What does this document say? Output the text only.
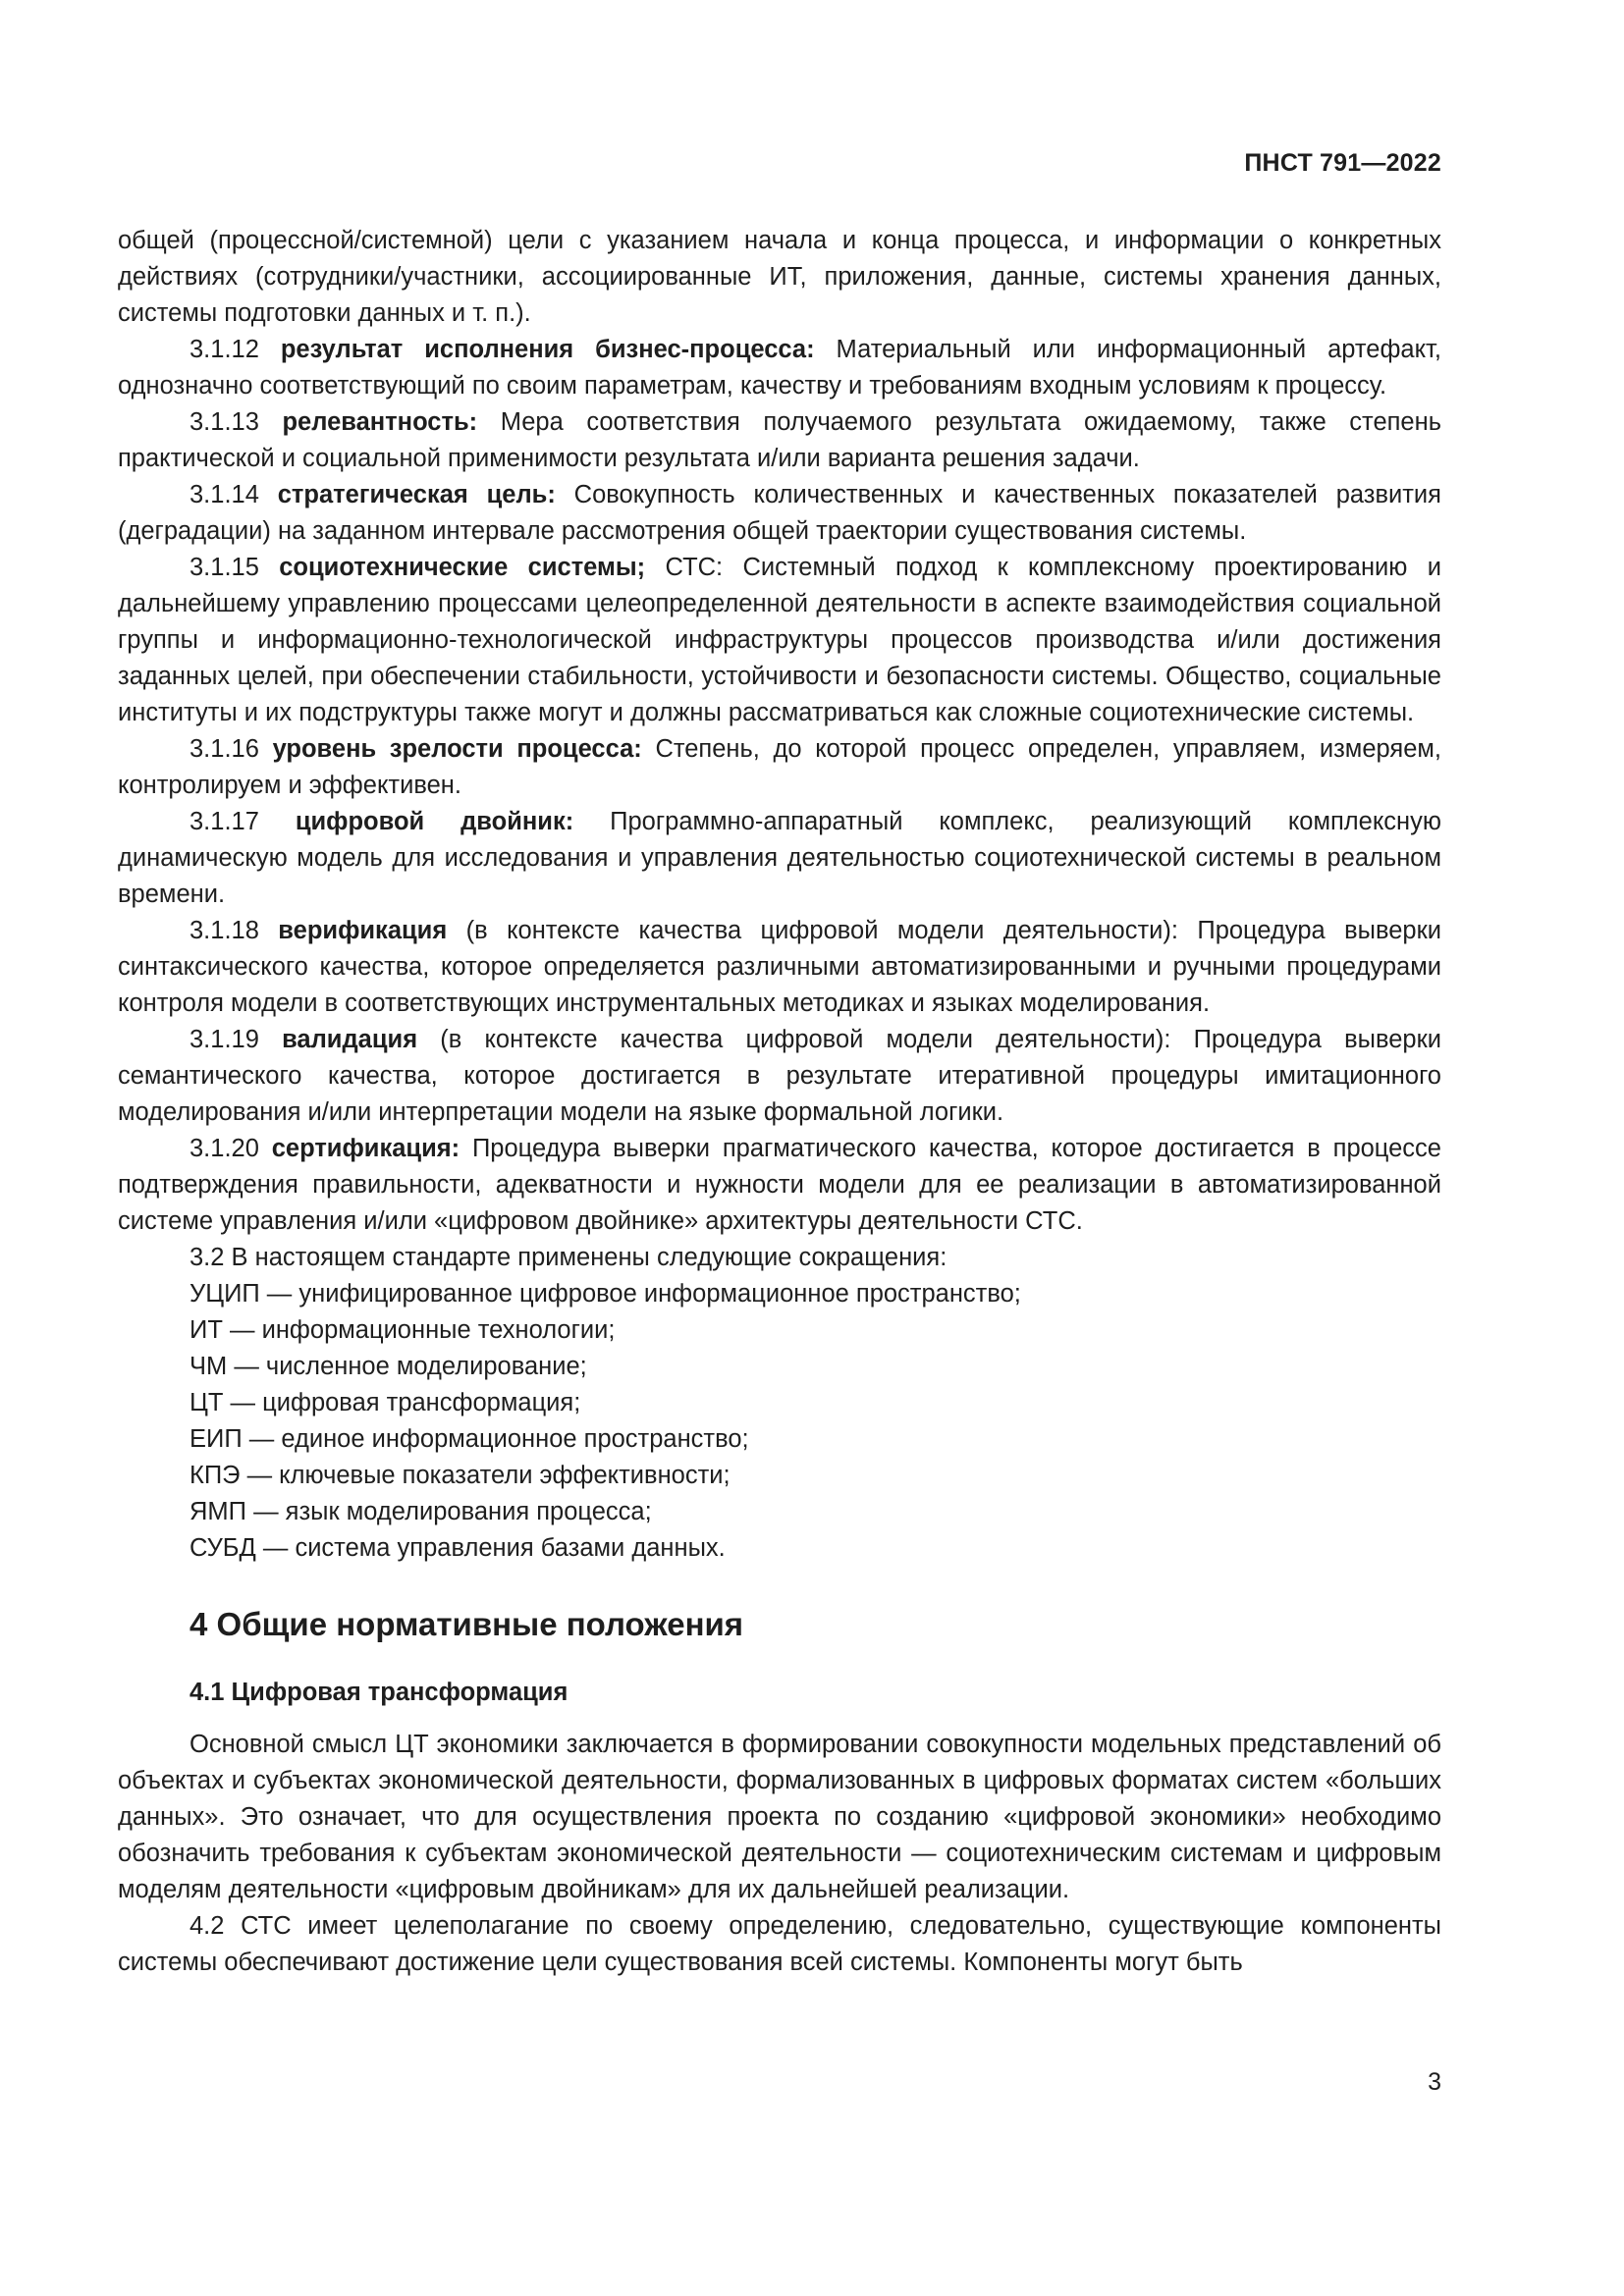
ПНСТ 791—2022

общей (процессной/системной) цели с указанием начала и конца процесса, и информации о конкретных действиях (сотрудники/участники, ассоциированные ИТ, приложения, данные, системы хранения данных, системы подготовки данных и т. п.).

3.1.12 результат исполнения бизнес-процесса: Материальный или информационный артефакт, однозначно соответствующий по своим параметрам, качеству и требованиям входным условиям к процессу.

3.1.13 релевантность: Мера соответствия получаемого результата ожидаемому, также степень практической и социальной применимости результата и/или варианта решения задачи.

3.1.14 стратегическая цель: Совокупность количественных и качественных показателей развития (деградации) на заданном интервале рассмотрения общей траектории существования системы.

3.1.15 социотехнические системы; СТС: Системный подход к комплексному проектированию и дальнейшему управлению процессами целеопределенной деятельности в аспекте взаимодействия социальной группы и информационно-технологической инфраструктуры процессов производства и/или достижения заданных целей, при обеспечении стабильности, устойчивости и безопасности системы. Общество, социальные институты и их подструктуры также могут и должны рассматриваться как сложные социотехнические системы.

3.1.16 уровень зрелости процесса: Степень, до которой процесс определен, управляем, измеряем, контролируем и эффективен.

3.1.17 цифровой двойник: Программно-аппаратный комплекс, реализующий комплексную динамическую модель для исследования и управления деятельностью социотехнической системы в реальном времени.

3.1.18 верификация (в контексте качества цифровой модели деятельности): Процедура выверки синтаксического качества, которое определяется различными автоматизированными и ручными процедурами контроля модели в соответствующих инструментальных методиках и языках моделирования.

3.1.19 валидация (в контексте качества цифровой модели деятельности): Процедура выверки семантического качества, которое достигается в результате итеративной процедуры имитационного моделирования и/или интерпретации модели на языке формальной логики.

3.1.20 сертификация: Процедура выверки прагматического качества, которое достигается в процессе подтверждения правильности, адекватности и нужности модели для ее реализации в автоматизированной системе управления и/или «цифровом двойнике» архитектуры деятельности СТС.

3.2 В настоящем стандарте применены следующие сокращения:

УЦИП — унифицированное цифровое информационное пространство;
ИТ — информационные технологии;
ЧМ — численное моделирование;
ЦТ — цифровая трансформация;
ЕИП — единое информационное пространство;
КПЭ — ключевые показатели эффективности;
ЯМП — язык моделирования процесса;
СУБД — система управления базами данных.
4 Общие нормативные положения
4.1 Цифровая трансформация

Основной смысл ЦТ экономики заключается в формировании совокупности модельных представлений об объектах и субъектах экономической деятельности, формализованных в цифровых форматах систем «больших данных». Это означает, что для осуществления проекта по созданию «цифровой экономики» необходимо обозначить требования к субъектам экономической деятельности — социотехническим системам и цифровым моделям деятельности «цифровым двойникам» для их дальнейшей реализации.

4.2 СТС имеет целеполагание по своему определению, следовательно, существующие компоненты системы обеспечивают достижение цели существования всей системы. Компоненты могут быть

3
